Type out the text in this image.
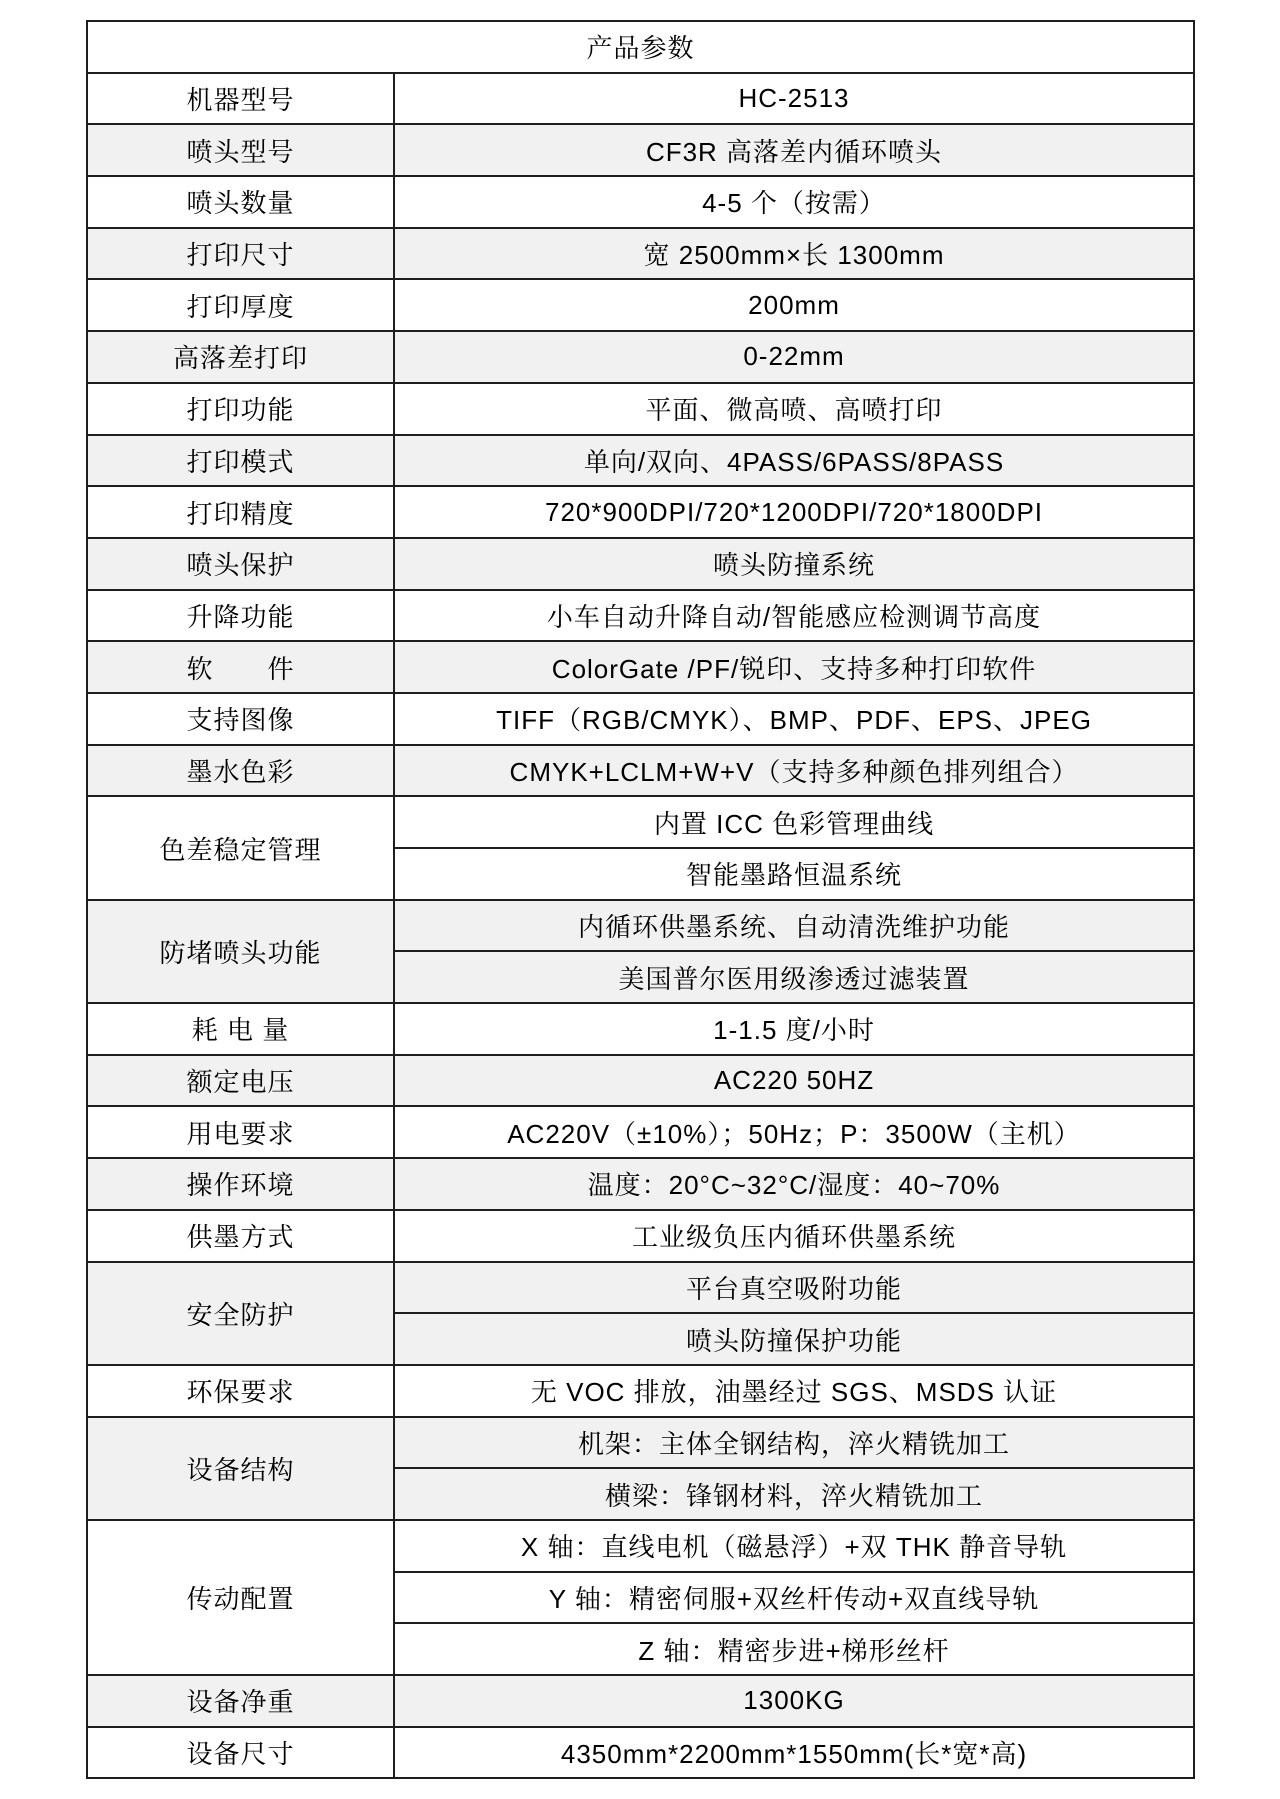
产品参数	
机器型号	HC-2513
喷头型号	CF3R 高落差内循环喷头
喷头数量	4-5 个（按需）
打印尺寸	宽 2500mm×长 1300mm
打印厚度	200mm
高落差打印	0-22mm
打印功能	平面、微高喷、高喷打印
打印模式	单向/双向、4PASS/6PASS/8PASS
打印精度	720*900DPI/720*1200DPI/720*1800DPI
喷头保护	喷头防撞系统
升降功能	小车自动升降自动/智能感应检测调节高度
软　　件	ColorGate /PF/锐印、支持多种打印软件
支持图像	TIFF（RGB/CMYK）、BMP、PDF、EPS、JPEG
墨水色彩	CMYK+LCLM+W+V（支持多种颜色排列组合）
色差稳定管理	内置 ICC 色彩管理曲线
	智能墨路恒温系统
防堵喷头功能	内循环供墨系统、自动清洗维护功能
	美国普尔医用级渗透过滤装置
耗 电 量	1-1.5 度/小时
额定电压	AC220 50HZ
用电要求	AC220V（±10%）；50Hz；P：3500W（主机）
操作环境	温度：20°C~32°C/湿度：40~70%
供墨方式	工业级负压内循环供墨系统
安全防护	平台真空吸附功能
	喷头防撞保护功能
环保要求	无 VOC 排放，油墨经过 SGS、MSDS 认证
设备结构	机架：主体全钢结构，淬火精铣加工
	横梁：锋钢材料，淬火精铣加工
传动配置	X 轴：直线电机（磁悬浮）+双 THK 静音导轨
	Y 轴：精密伺服+双丝杆传动+双直线导轨
	Z 轴：精密步进+梯形丝杆
设备净重	1300KG
设备尺寸	4350mm*2200mm*1550mm(长*宽*高)
